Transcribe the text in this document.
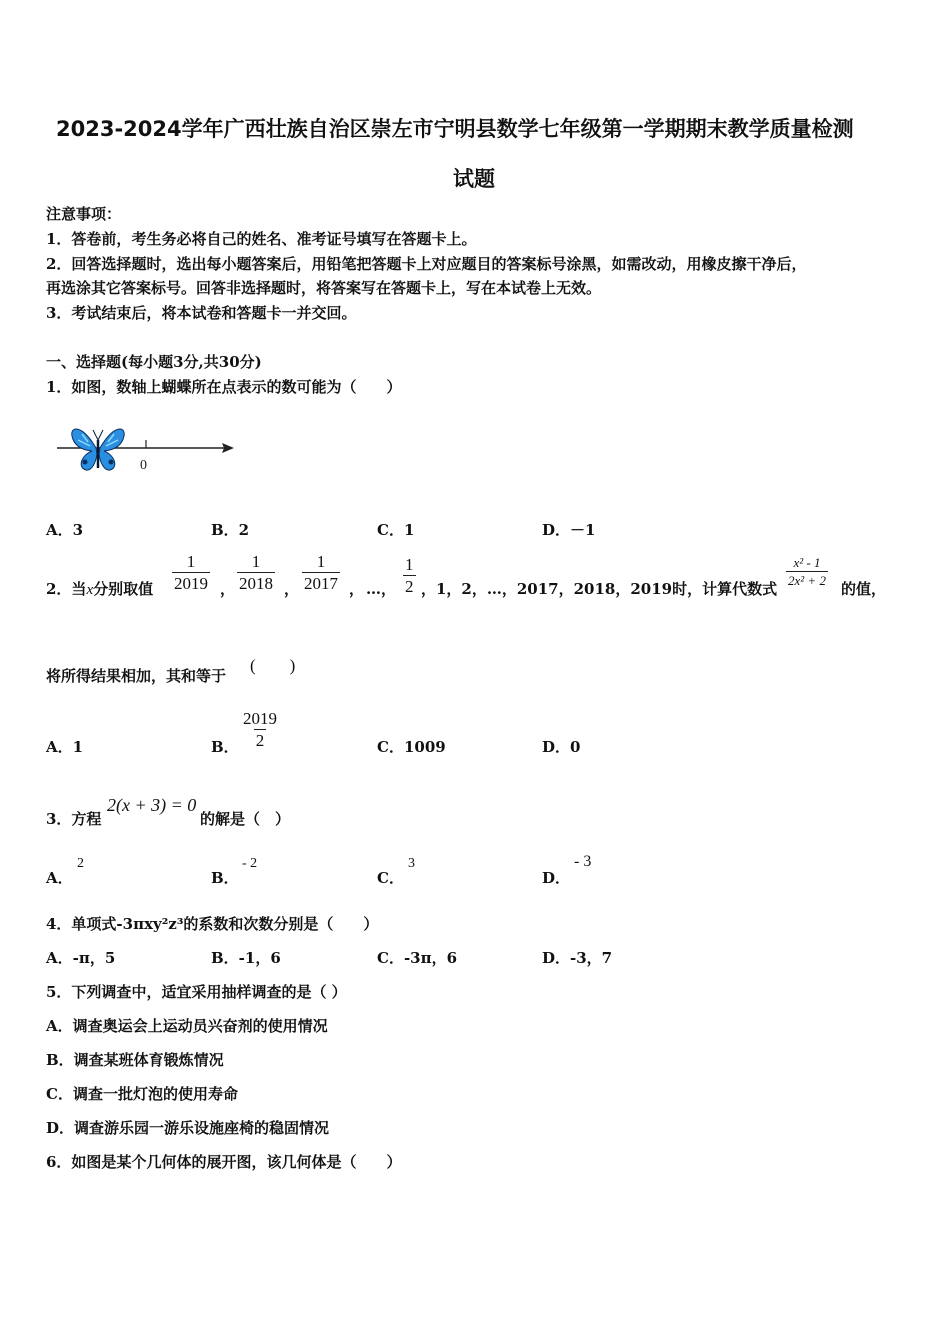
2023-2024学年广西壮族自治区崇左市宁明县数学七年级第一学期期末教学质量检测
试题
注意事项：
1．答卷前，考生务必将自己的姓名、准考证号填写在答题卡上。
2．回答选择题时，选出每小题答案后，用铅笔把答题卡上对应题目的答案标号涂黑，如需改动，用橡皮擦干净后，
再选涂其它答案标号。回答非选择题时，将答案写在答题卡上，写在本试卷上无效。
3．考试结束后，将本试卷和答题卡一并交回。
一、选择题(每小题3分,共30分)
1．如图，数轴上蝴蝶所在点表示的数可能为（　　）
0
A．3	B．2	C．1	D．－1
2．当x分别取值 $\frac{1}{2019}$ ， $\frac{1}{2018}$ ， $\frac{1}{2017}$ ， …， $\frac{1}{2}$ ，1，2，…，2017，2018，2019时，计算代数式
$\frac{\text{x² - 1}}{\text{2x² + 2}}$
的值，
将所得结果相加，其和等于
(　　)
A．1	B． $\frac{2019}{2}$	C．1009	D．0
3．方程
2(x + 3) = 0
的解是（　）
A．
2
B．
- 2
C．
3
D．
- 3
4．单项式-3πxy²z³的系数和次数分别是（　　）
A．-π，5	B．-1，6	C．-3π，6	D．-3，7
5．下列调查中，适宜采用抽样调查的是（ ）
A．调查奥运会上运动员兴奋剂的使用情况
B．调查某班体育锻炼情况
C．调查一批灯泡的使用寿命
D．调查游乐园一游乐设施座椅的稳固情况
6．如图是某个几何体的展开图，该几何体是（　　）
